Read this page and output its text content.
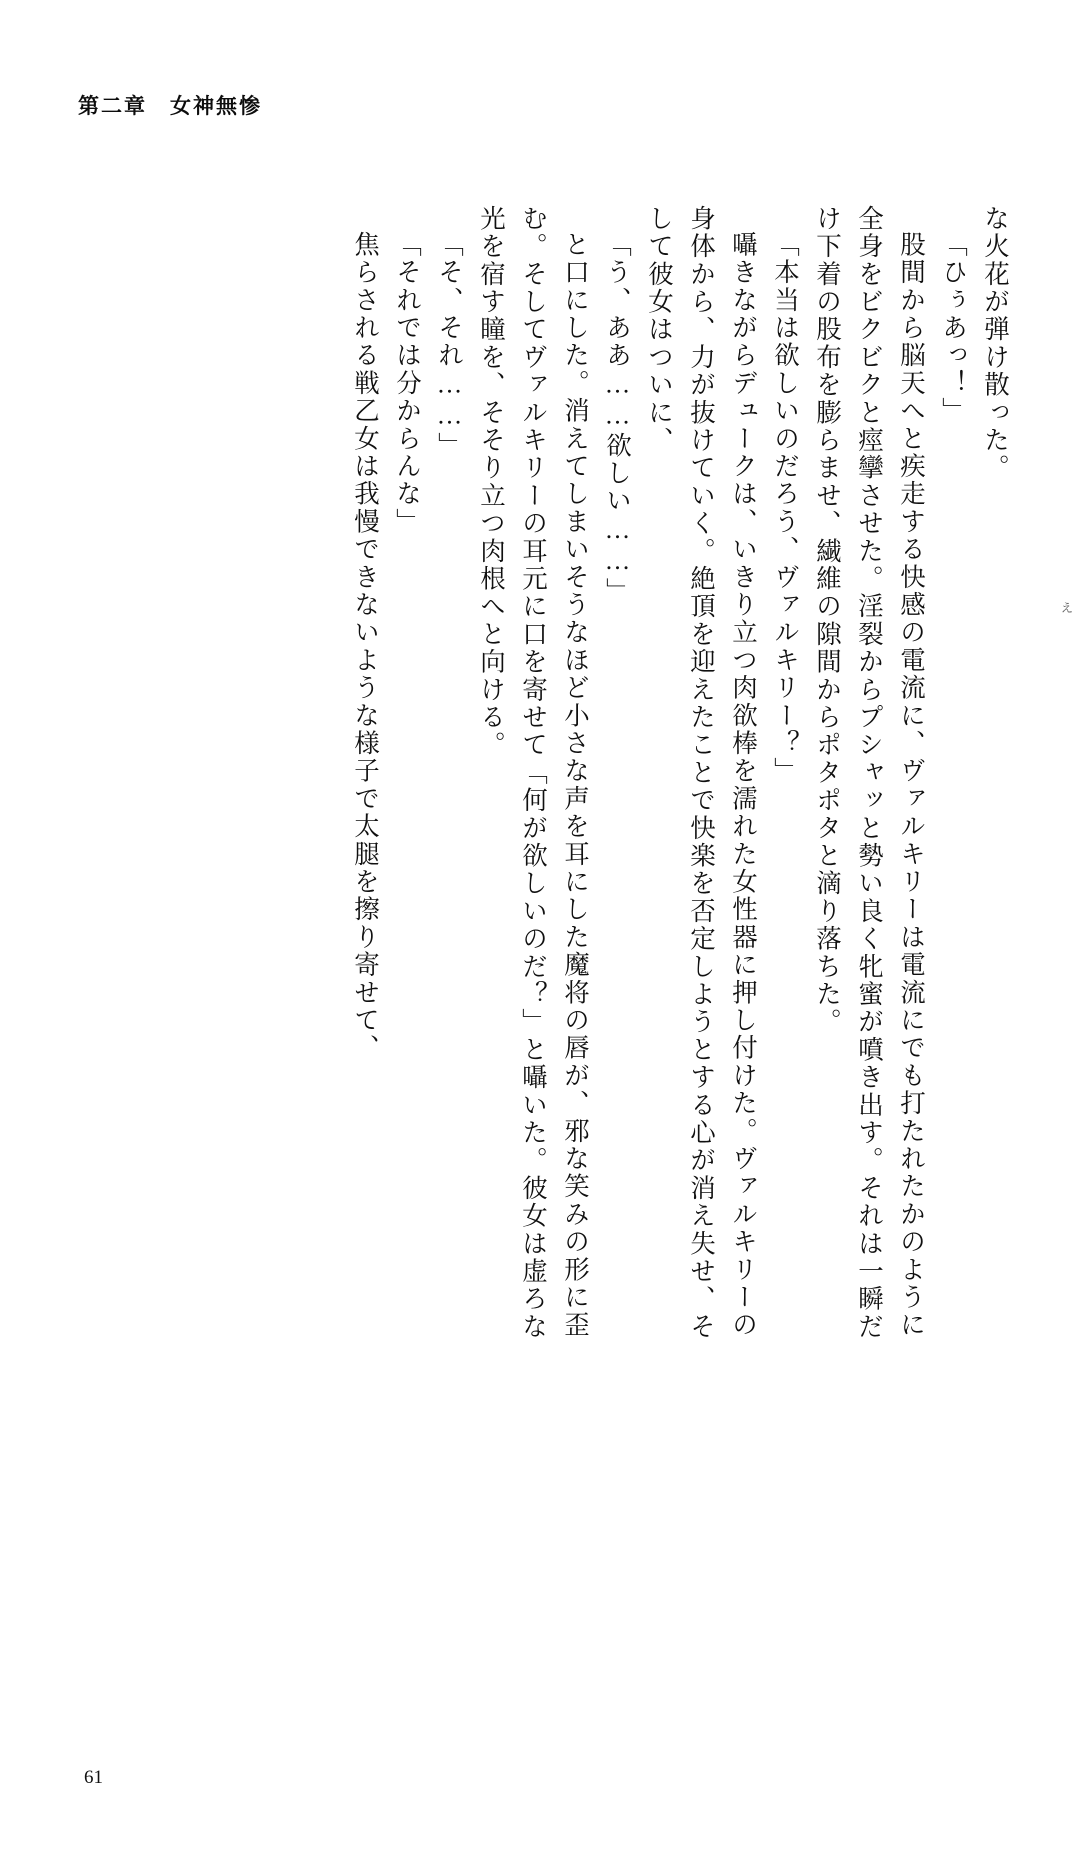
第二章　女神無惨
な火花が弾け散った。
「ひぅあっ！」
股間から脳天へと疾走する快感の電流に、ヴァルキリーは電流にでも打たれたかのように
全身をビクビクと痙攣させた。淫裂からプシャッと勢い良く牝蜜が噴き出す。それは一瞬だ
け下着の股布を膨らませ、繊維の隙間からポタポタと滴り落ちた。
「本当は欲しいのだろう、ヴァルキリー？」
囁きながらデュークは、いきり立つ肉欲棒を濡れた女性器に押し付けた。ヴァルキリーの
身体から、力が抜けていく。絶頂を迎えたことで快楽を否定しようとする心が消え失せ、そ
して彼女はついに、
「う、ああ……欲しい……」
と口にした。消えてしまいそうなほど小さな声を耳にした魔将の唇が、邪な笑みの形に歪
む。そしてヴァルキリーの耳元に口を寄せて「何が欲しいのだ？」と囁いた。彼女は虚ろな
光を宿す瞳を、そそり立つ肉根へと向ける。
「そ、それ……」
「それでは分からんな」
焦らされる戦乙女は我慢できないような様子で太腿を擦り寄せて、	ぇ
61
